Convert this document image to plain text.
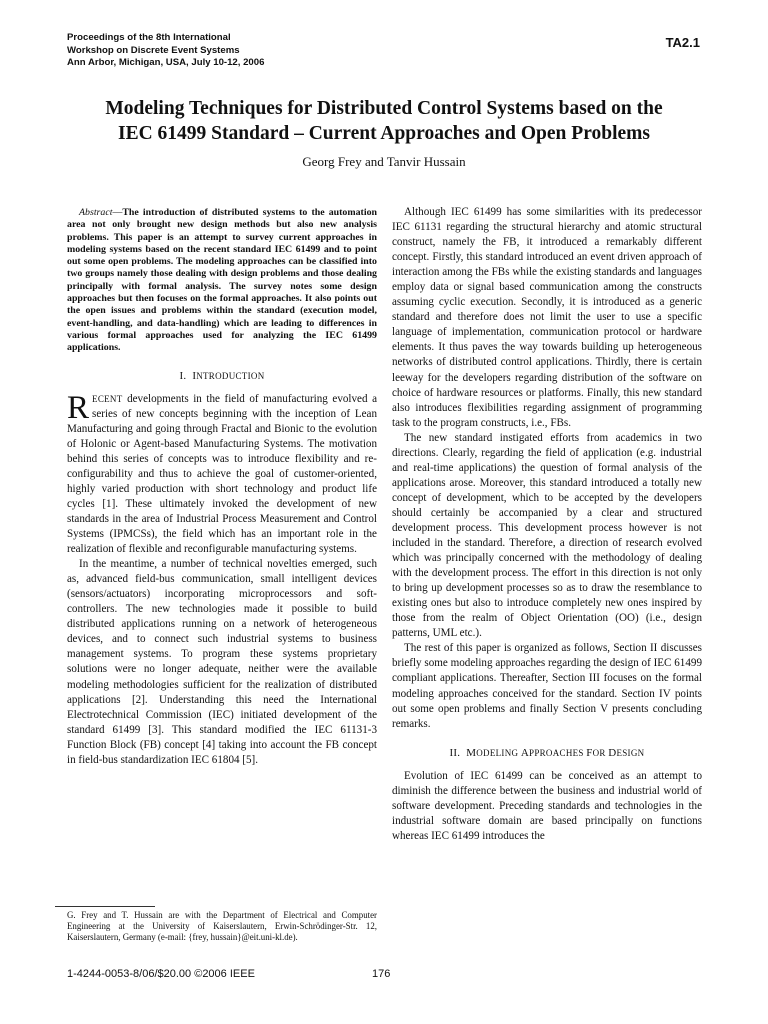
Proceedings of the 8th International
Workshop on Discrete Event Systems
Ann Arbor, Michigan, USA, July 10-12, 2006
TA2.1
Modeling Techniques for Distributed Control Systems based on the
IEC 61499 Standard – Current Approaches and Open Problems
Georg Frey and Tanvir Hussain

Abstract—The introduction of distributed systems to the automation area not only brought new design methods but also new analysis problems. This paper is an attempt to survey current approaches in modeling systems based on the recent standard IEC 61499 and to point out some open problems. The modeling approaches can be classified into two groups namely those dealing with design problems and those dealing principally with formal analysis. The survey notes some design approaches but then focuses on the formal approaches. It also points out the open issues and problems within the standard (execution model, event-handling, and data-handling) which are leading to differences in various formal approaches used for analyzing the IEC 61499 applications.

I. INTRODUCTION

RECENT developments in the field of manufacturing evolved a series of new concepts beginning with the inception of Lean Manufacturing and going through Fractal and Bionic to the evolution of Holonic or Agent-based Manufacturing Systems. The motivation behind this series of concepts was to introduce flexibility and re-configurability and thus to achieve the goal of customer-oriented, highly varied production with short technology and product life cycles [1]. These ultimately invoked the development of new standards in the area of Industrial Process Measurement and Control Systems (IPMCSs), the field which has an important role in the realization of flexible and reconfigurable manufacturing systems.

In the meantime, a number of technical novelties emerged, such as, advanced field-bus communication, small intelligent devices (sensors/actuators) incorporating microprocessors and soft-controllers. The new technologies made it possible to build distributed applications running on a network of heterogeneous devices, and to connect such industrial systems to business management systems. To program these systems proprietary solutions were no longer adequate, neither were the available modeling methodologies sufficient for the realization of distributed applications [2]. Understanding this need the International Electrotechnical Commission (IEC) initiated development of the standard 61499 [3]. This standard modified the IEC 61131-3 Function Block (FB) concept [4] taking into account the FB concept in field-bus standardization IEC 61804 [5].

G. Frey and T. Hussain are with the Department of Electrical and Computer Engineering at the University of Kaiserslautern, Erwin-Schrödinger-Str. 12, Kaiserslautern, Germany (e-mail: {frey, hussain}@eit.uni-kl.de).

Although IEC 61499 has some similarities with its predecessor IEC 61131 regarding the structural hierarchy and atomic structural construct, namely the FB, it introduced a remarkably different concept. Firstly, this standard introduced an event driven approach of interaction among the FBs while the existing standards and languages employ data or signal based communication among the constructs assuming cyclic execution. Secondly, it is introduced as a generic standard and therefore does not limit the user to use a specific language of implementation, communication protocol or hardware elements. It thus paves the way towards building up heterogeneous networks of distributed control applications. Thirdly, there is certain leeway for the developers regarding distribution of the software on choice of hardware resources or platforms. Finally, this new standard also introduces flexibilities regarding assignment of programming task to the program constructs, i.e., FBs.

The new standard instigated efforts from academics in two directions. Clearly, regarding the field of application (e.g. industrial and real-time applications) the question of formal analysis of the applications arose. Moreover, this standard introduced a totally new concept of development, which to be accepted by the developers should certainly be accompanied by a clear and structured development process. This development process however is not included in the standard. Therefore, a direction of research evolved which was principally concerned with the methodology of dealing with the development process. The effort in this direction is not only to bring up development processes so as to draw the resemblance to existing ones but also to introduce completely new ones inspired by those from the realm of Object Orientation (OO) (i.e., design patterns, UML etc.).

The rest of this paper is organized as follows, Section II discusses briefly some modeling approaches regarding the design of IEC 61499 compliant applications. Thereafter, Section III focuses on the formal modeling approaches conceived for the standard. Section IV points out some open problems and finally Section V presents concluding remarks.

II. MODELING APPROACHES FOR DESIGN

Evolution of IEC 61499 can be conceived as an attempt to diminish the difference between the business and industrial world of software development. Preceding standards and technologies in the industrial software domain are based principally on functions whereas IEC 61499 introduces the

1-4244-0053-8/06/$20.00 ©2006 IEEE	176
